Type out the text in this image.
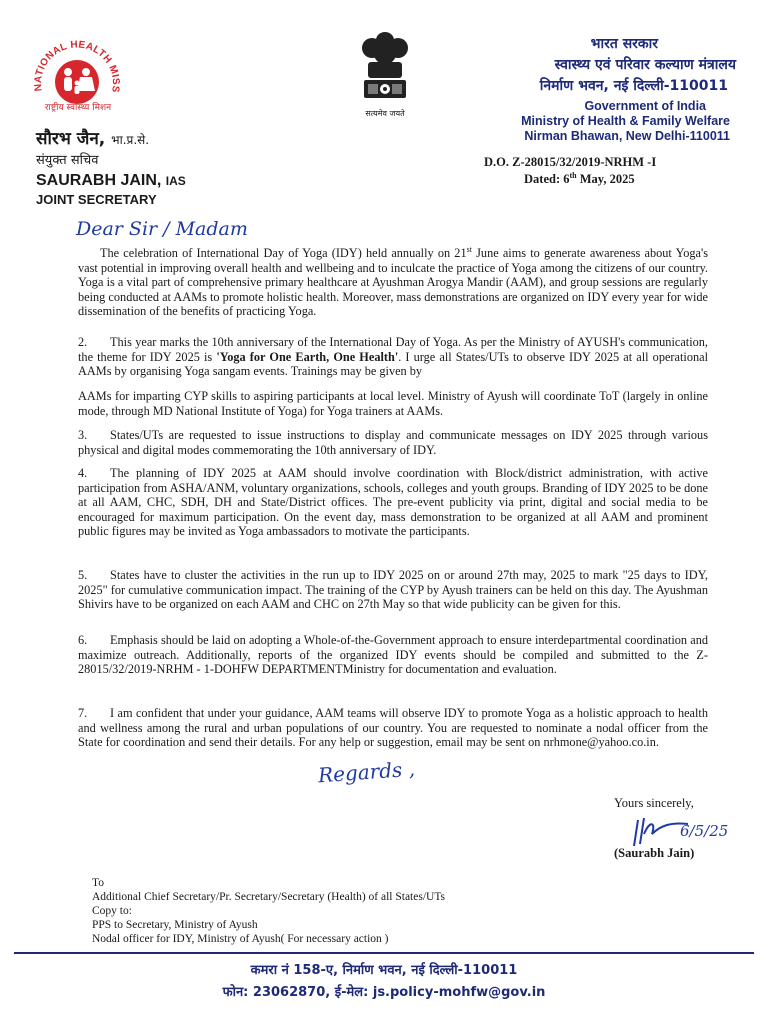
NATIONAL HEALTH MISS
राष्ट्रीय स्वास्थ्य मिशन
सत्यमेव जयते
सौरभ जैन, भा.प्र.से.
संयुक्त सचिव
SAURABH JAIN, IAS
JOINT SECRETARY
भारत सरकार
स्वास्थ्य एवं परिवार कल्याण मंत्रालय
निर्माण भवन, नई दिल्ली-110011
Government of India
Ministry of Health & Family Welfare
Nirman Bhawan, New Delhi-110011
D.O. Z-28015/32/2019-NRHM -I
Dated: 6th May, 2025
Dear Sir / Madam

The celebration of International Day of Yoga (IDY) held annually on 21st June aims to generate awareness about Yoga's vast potential in improving overall health and wellbeing and to inculcate the practice of Yoga among the citizens of our country. Yoga is a vital part of comprehensive primary healthcare at Ayushman Arogya Mandir (AAM), and group sessions are regularly being conducted at AAMs to promote holistic health. Moreover, mass demonstrations are organized on IDY every year for wide dissemination of the benefits of practicing Yoga.

2. This year marks the 10th anniversary of the International Day of Yoga. As per the Ministry of AYUSH's communication, the theme for IDY 2025 is 'Yoga for One Earth, One Health'. I urge all States/UTs to observe IDY 2025 at all operational AAMs by organising Yoga sangam events. Trainings may be given by

AAMs for imparting CYP skills to aspiring participants at local level. Ministry of Ayush will coordinate ToT (largely in online mode, through MD National Institute of Yoga) for Yoga trainers at AAMs.

3. States/UTs are requested to issue instructions to display and communicate messages on IDY 2025 through various physical and digital modes commemorating the 10th anniversary of IDY.

4. The planning of IDY 2025 at AAM should involve coordination with Block/district administration, with active participation from ASHA/ANM, voluntary organizations, schools, colleges and youth groups. Branding of IDY 2025 to be done at all AAM, CHC, SDH, DH and State/District offices. The pre-event publicity via print, digital and social media to be encouraged for maximum participation. On the event day, mass demonstration to be organized at all AAM and prominent public figures may be invited as Yoga ambassadors to motivate the participants.

5. States have to cluster the activities in the run up to IDY 2025 on or around 27th may, 2025 to mark "25 days to IDY, 2025" for cumulative communication impact. The training of the CYP by Ayush trainers can be held on this day. The Ayushman Shivirs have to be organized on each AAM and CHC on 27th May so that wide publicity can be given for this.

6. Emphasis should be laid on adopting a Whole-of-the-Government approach to ensure interdepartmental coordination and maximize outreach. Additionally, reports of the organized IDY events should be compiled and submitted to the Z-28015/32/2019-NRHM - 1-DOHFW DEPARTMENTMinistry for documentation and evaluation.

7. I am confident that under your guidance, AAM teams will observe IDY to promote Yoga as a holistic approach to health and wellness among the rural and urban populations of our country. You are requested to nominate a nodal officer from the State for coordination and send their details. For any help or suggestion, email may be sent on nrhmone@yahoo.co.in.

Regards ,
Yours sincerely,
6/5/25
(Saurabh Jain)
To
Additional Chief Secretary/Pr. Secretary/Secretary (Health) of all States/UTs
Copy to:
PPS to Secretary, Ministry of Ayush
Nodal officer for IDY, Ministry of Ayush( For necessary action )
कमरा नं 158-ए, निर्माण भवन, नई दिल्ली-110011
फोन: 23062870, ई-मेल: js.policy-mohfw@gov.in
